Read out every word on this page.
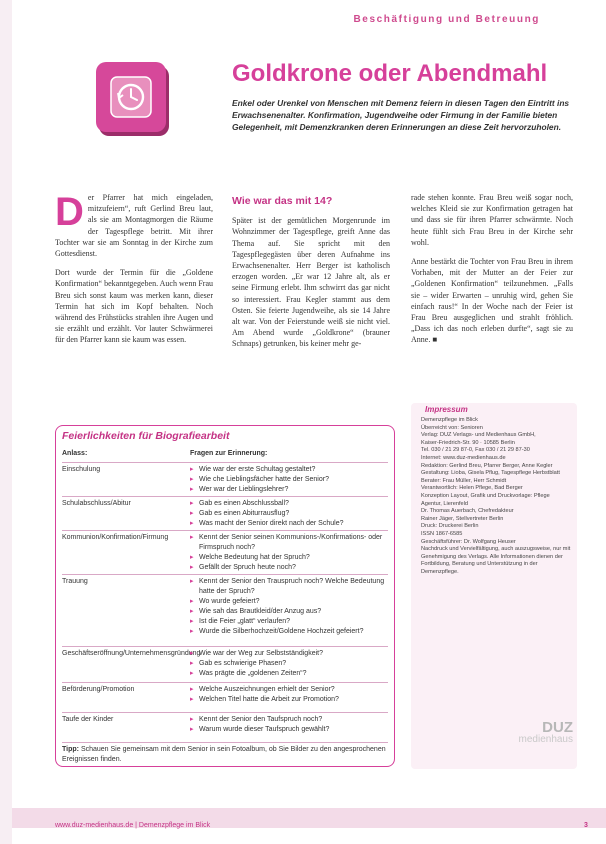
Beschäftigung und Betreuung
Goldkrone oder Abendmahl
Enkel oder Urenkel von Menschen mit Demenz feiern in diesen Tagen den Eintritt ins Erwachsenenalter. Konfirmation, Jugendweihe oder Firmung in der Familie bieten Gelegenheit, mit Demenzkranken deren Erinnerungen an diese Zeit hervorzuholen.

Der Pfarrer hat mich eingeladen, mitzufeiern“, ruft Gerlind Breu laut, als sie am Montagmorgen die Räume der Tagespflege betritt. Mit ihrer Tochter war sie am Sonntag in der Kirche zum Gottesdienst.

Dort wurde der Termin für die „Goldene Konfirmation“ bekanntgegeben. Auch wenn Frau Breu sich sonst kaum was merken kann, dieser Termin hat sich im Kopf behalten. Noch während des Frühstücks strahlen ihre Augen und sie erzählt und erzählt. Vor lauter Schwärmerei für den Pfarrer kann sie kaum was essen.

Wie war das mit 14?

Später ist der gemütlichen Morgenrunde im Wohnzimmer der Tagespflege, greift Anne das Thema auf. Sie spricht mit den Tagespflegegästen über deren Aufnahme ins Erwachsenenalter. Herr Berger ist katholisch erzogen worden. „Er war 12 Jahre alt, als er seine Firmung erlebt. Ihm schwirrt das gar nicht so interessiert. Frau Kegler stammt aus dem Osten. Sie feierte Jugendweihe, als sie 14 Jahre alt war. Von der Feierstunde weiß sie nicht viel. Am Abend wurde „Goldkrone“ (brauner Schnaps) getrunken, bis keiner mehr ge-

rade stehen konnte. Frau Breu weiß sogar noch, welches Kleid sie zur Konfirmation getragen hat und dass sie für ihren Pfarrer schwärmte. Noch heute fühlt sich Frau Breu in der Kirche sehr wohl.

Anne bestärkt die Tochter von Frau Breu in ihrem Vorhaben, mit der Mutter an der Feier zur „Goldenen Konfirmation“ teilzunehmen. „Falls sie – wider Erwarten – unruhig wird, gehen Sie einfach raus!“ In der Woche nach der Feier ist Frau Breu ausgeglichen und strahlt fröhlich. „Dass ich das noch erleben durfte“, sagt sie zu Anne. ■

Feierlichkeiten für Biografiearbeit
Anlass:	Fragen zur Erinnerung:
Einschulung	▸ Wie war der erste Schultag gestaltet?
▸ Wie che Lieblingsfächer hatte der Senior?
▸ Wer war der Lieblingslehrer?
Schulabschluss/Abitur	▸ Gab es einen Abschlussball?
▸ Gab es einen Abiturrausflug?
▸ Was macht der Senior direkt nach der Schule?
Kommunion/Konfirmation/Firmung	▸ Kennt der Senior seinen Kommunions-/Konfirmations- oder Firmspruch noch?
▸ Welche Bedeutung hat der Spruch?
▸ Gefällt der Spruch heute noch?
Trauung	▸ Kennt der Senior den Trauspruch noch? Welche Bedeutung hatte der Spruch?
▸ Wo wurde gefeiert?
▸ Wie sah das Brautkleid/der Anzug aus?
▸ Ist die Feier „glatt“ verlaufen?
▸ Wurde die Silberhochzeit/Goldene Hochzeit gefeiert?
Geschäftseröffnung/Unternehmensgründung
▸ Wie war der Weg zur Selbstständigkeit?
▸ Gab es schwierige Phasen?
▸ Was prägte die „goldenen Zeiten“?
Beförderung/Promotion	▸ Welche Auszeichnungen erhielt der Senior?
▸ Welchen Titel hatte die Arbeit zur Promotion?
Taufe der Kinder	▸ Kennt der Senior den Taufspruch noch?
▸ Warum wurde dieser Taufspruch gewählt?
Tipp: Schauen Sie gemeinsam mit dem Senior in sein Fotoalbum, ob Sie Bilder zu den angesprochenen Ereignissen finden.
Impressum
Demenzpflege im Blick
Überreicht von: Senioren
Verlag: DUZ Verlags- und Medienhaus GmbH,
Kaiser-Friedrich-Str. 90 · 10585 Berlin
Tel. 030 / 21 29 87-0, Fax 030 / 21 29 87-30
Internet: www.duz-medienhaus.de
Redaktion: Gerlind Breu, Pfarrer Berger, Anne Kegler
Gestaltung: Lioba, Gisela Pflug, Tagespflege Herbstblatt
Berater: Frau Müller, Herr Schmidt
Verantwortlich: Helen Pflege, Bad Berger
Konzeption Layout, Grafik und Druckvorlage: Pflege Agentur, Lierenfeld
Dr. Thomas Auerbach, Chefredakteur
Rainer Jäger, Stellvertreter Berlin
Druck: Druckerei Berlin
ISSN 1867-6585
Geschäftsführer: Dr. Wolfgang Heuser
Nachdruck und Vervielfältigung, auch auszugsweise, nur mit Genehmigung des Verlags. Alle Informationen dienen der Fortbildung, Beratung und Unterstützung in der Demenzpflege.
DUZ
medienhaus
www.duz-medienhaus.de | Demenzpflege im Blick	3
